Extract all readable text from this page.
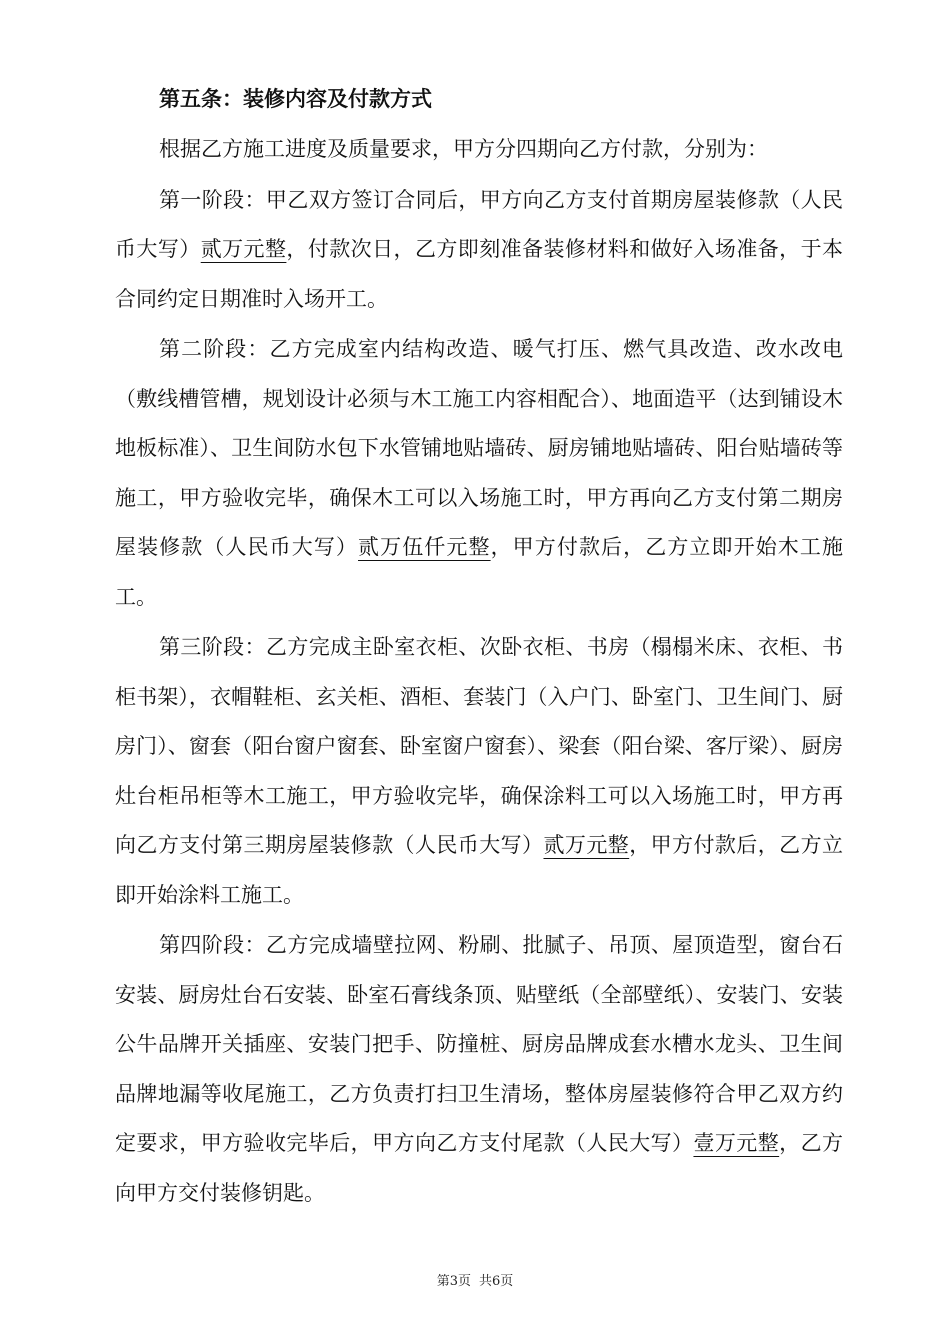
第五条：装修内容及付款方式

根据乙方施工进度及质量要求，甲方分四期向乙方付款，分别为：

第一阶段：甲乙双方签订合同后，甲方向乙方支付首期房屋装修款（人民币大写）贰万元整，付款次日，乙方即刻准备装修材料和做好入场准备，于本合同约定日期准时入场开工。

第二阶段：乙方完成室内结构改造、暖气打压、燃气具改造、改水改电（敷线槽管槽，规划设计必须与木工施工内容相配合）、地面造平（达到铺设木地板标准）、卫生间防水包下水管铺地贴墙砖、厨房铺地贴墙砖、阳台贴墙砖等施工，甲方验收完毕，确保木工可以入场施工时，甲方再向乙方支付第二期房屋装修款（人民币大写）贰万伍仟元整，甲方付款后，乙方立即开始木工施工。

第三阶段：乙方完成主卧室衣柜、次卧衣柜、书房（榻榻米床、衣柜、书柜书架），衣帽鞋柜、玄关柜、酒柜、套装门（入户门、卧室门、卫生间门、厨房门）、窗套（阳台窗户窗套、卧室窗户窗套）、梁套（阳台梁、客厅梁）、厨房灶台柜吊柜等木工施工，甲方验收完毕，确保涂料工可以入场施工时，甲方再向乙方支付第三期房屋装修款（人民币大写）贰万元整，甲方付款后，乙方立即开始涂料工施工。

第四阶段：乙方完成墙壁拉网、粉刷、批腻子、吊顶、屋顶造型，窗台石安装、厨房灶台石安装、卧室石膏线条顶、贴壁纸（全部壁纸）、安装门、安装公牛品牌开关插座、安装门把手、防撞桩、厨房品牌成套水槽水龙头、卫生间品牌地漏等收尾施工，乙方负责打扫卫生清场，整体房屋装修符合甲乙双方约定要求，甲方验收完毕后，甲方向乙方支付尾款（人民大写）壹万元整，乙方向甲方交付装修钥匙。

第3页 共6页
